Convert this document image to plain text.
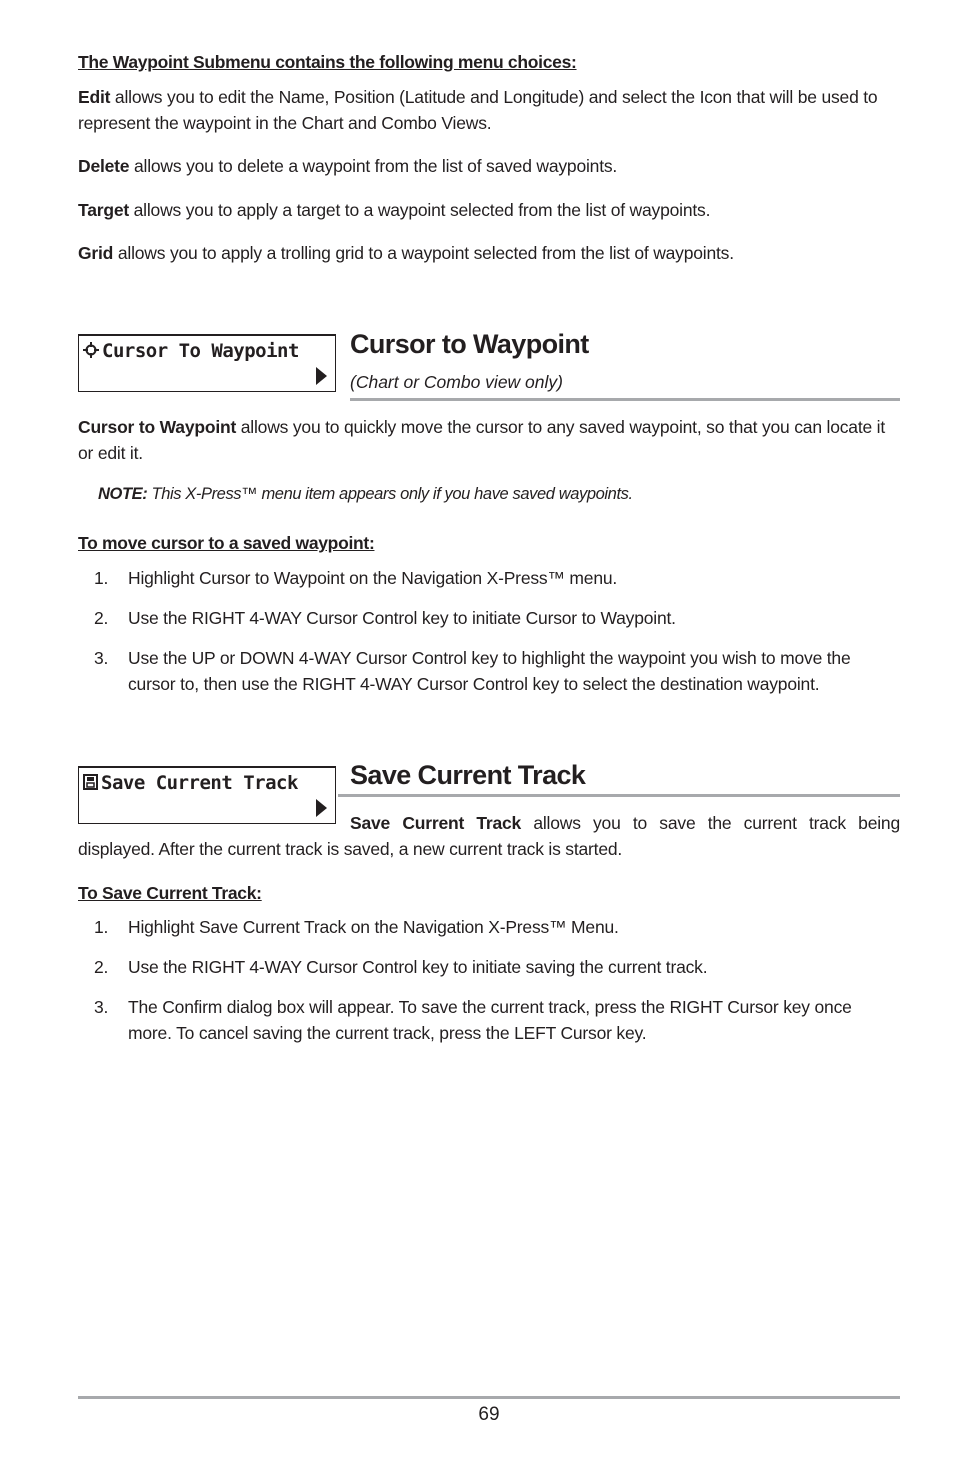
The Waypoint Submenu contains the following menu choices:

Edit allows you to edit the Name, Position (Latitude and Longitude) and select the Icon that will be used to represent the waypoint in the Chart and Combo Views.

Delete allows you to delete a waypoint from the list of saved waypoints.

Target allows you to apply a target to a waypoint selected from the list of waypoints.

Grid allows you to apply a trolling grid to a waypoint selected from the list of waypoints.

Cursor To Waypoint Cursor to Waypoint
(Chart or Combo view only)

Cursor to Waypoint allows you to quickly move the cursor to any saved waypoint, so that you can locate it or edit it.

NOTE: This X-Press™ menu item appears only if you have saved waypoints.
To move cursor to a saved waypoint:
1. Highlight Cursor to Waypoint on the Navigation X-Press™ menu.
2. Use the RIGHT 4-WAY Cursor Control key to initiate Cursor to Waypoint.
3. Use the UP or DOWN 4-WAY Cursor Control key to highlight the waypoint you wish to move the cursor to, then use the RIGHT 4-WAY Cursor Control key to select the destination waypoint.
Save Current Track Save Current Track
Save Current Track allows you to save the current track being
displayed. After the current track is saved, a new current track is started.
To Save Current Track:
1. Highlight Save Current Track on the Navigation X-Press™ Menu.
2. Use the RIGHT 4-WAY Cursor Control key to initiate saving the current track.
3. The Confirm dialog box will appear. To save the current track, press the RIGHT Cursor key once more. To cancel saving the current track, press the LEFT Cursor key.
69
